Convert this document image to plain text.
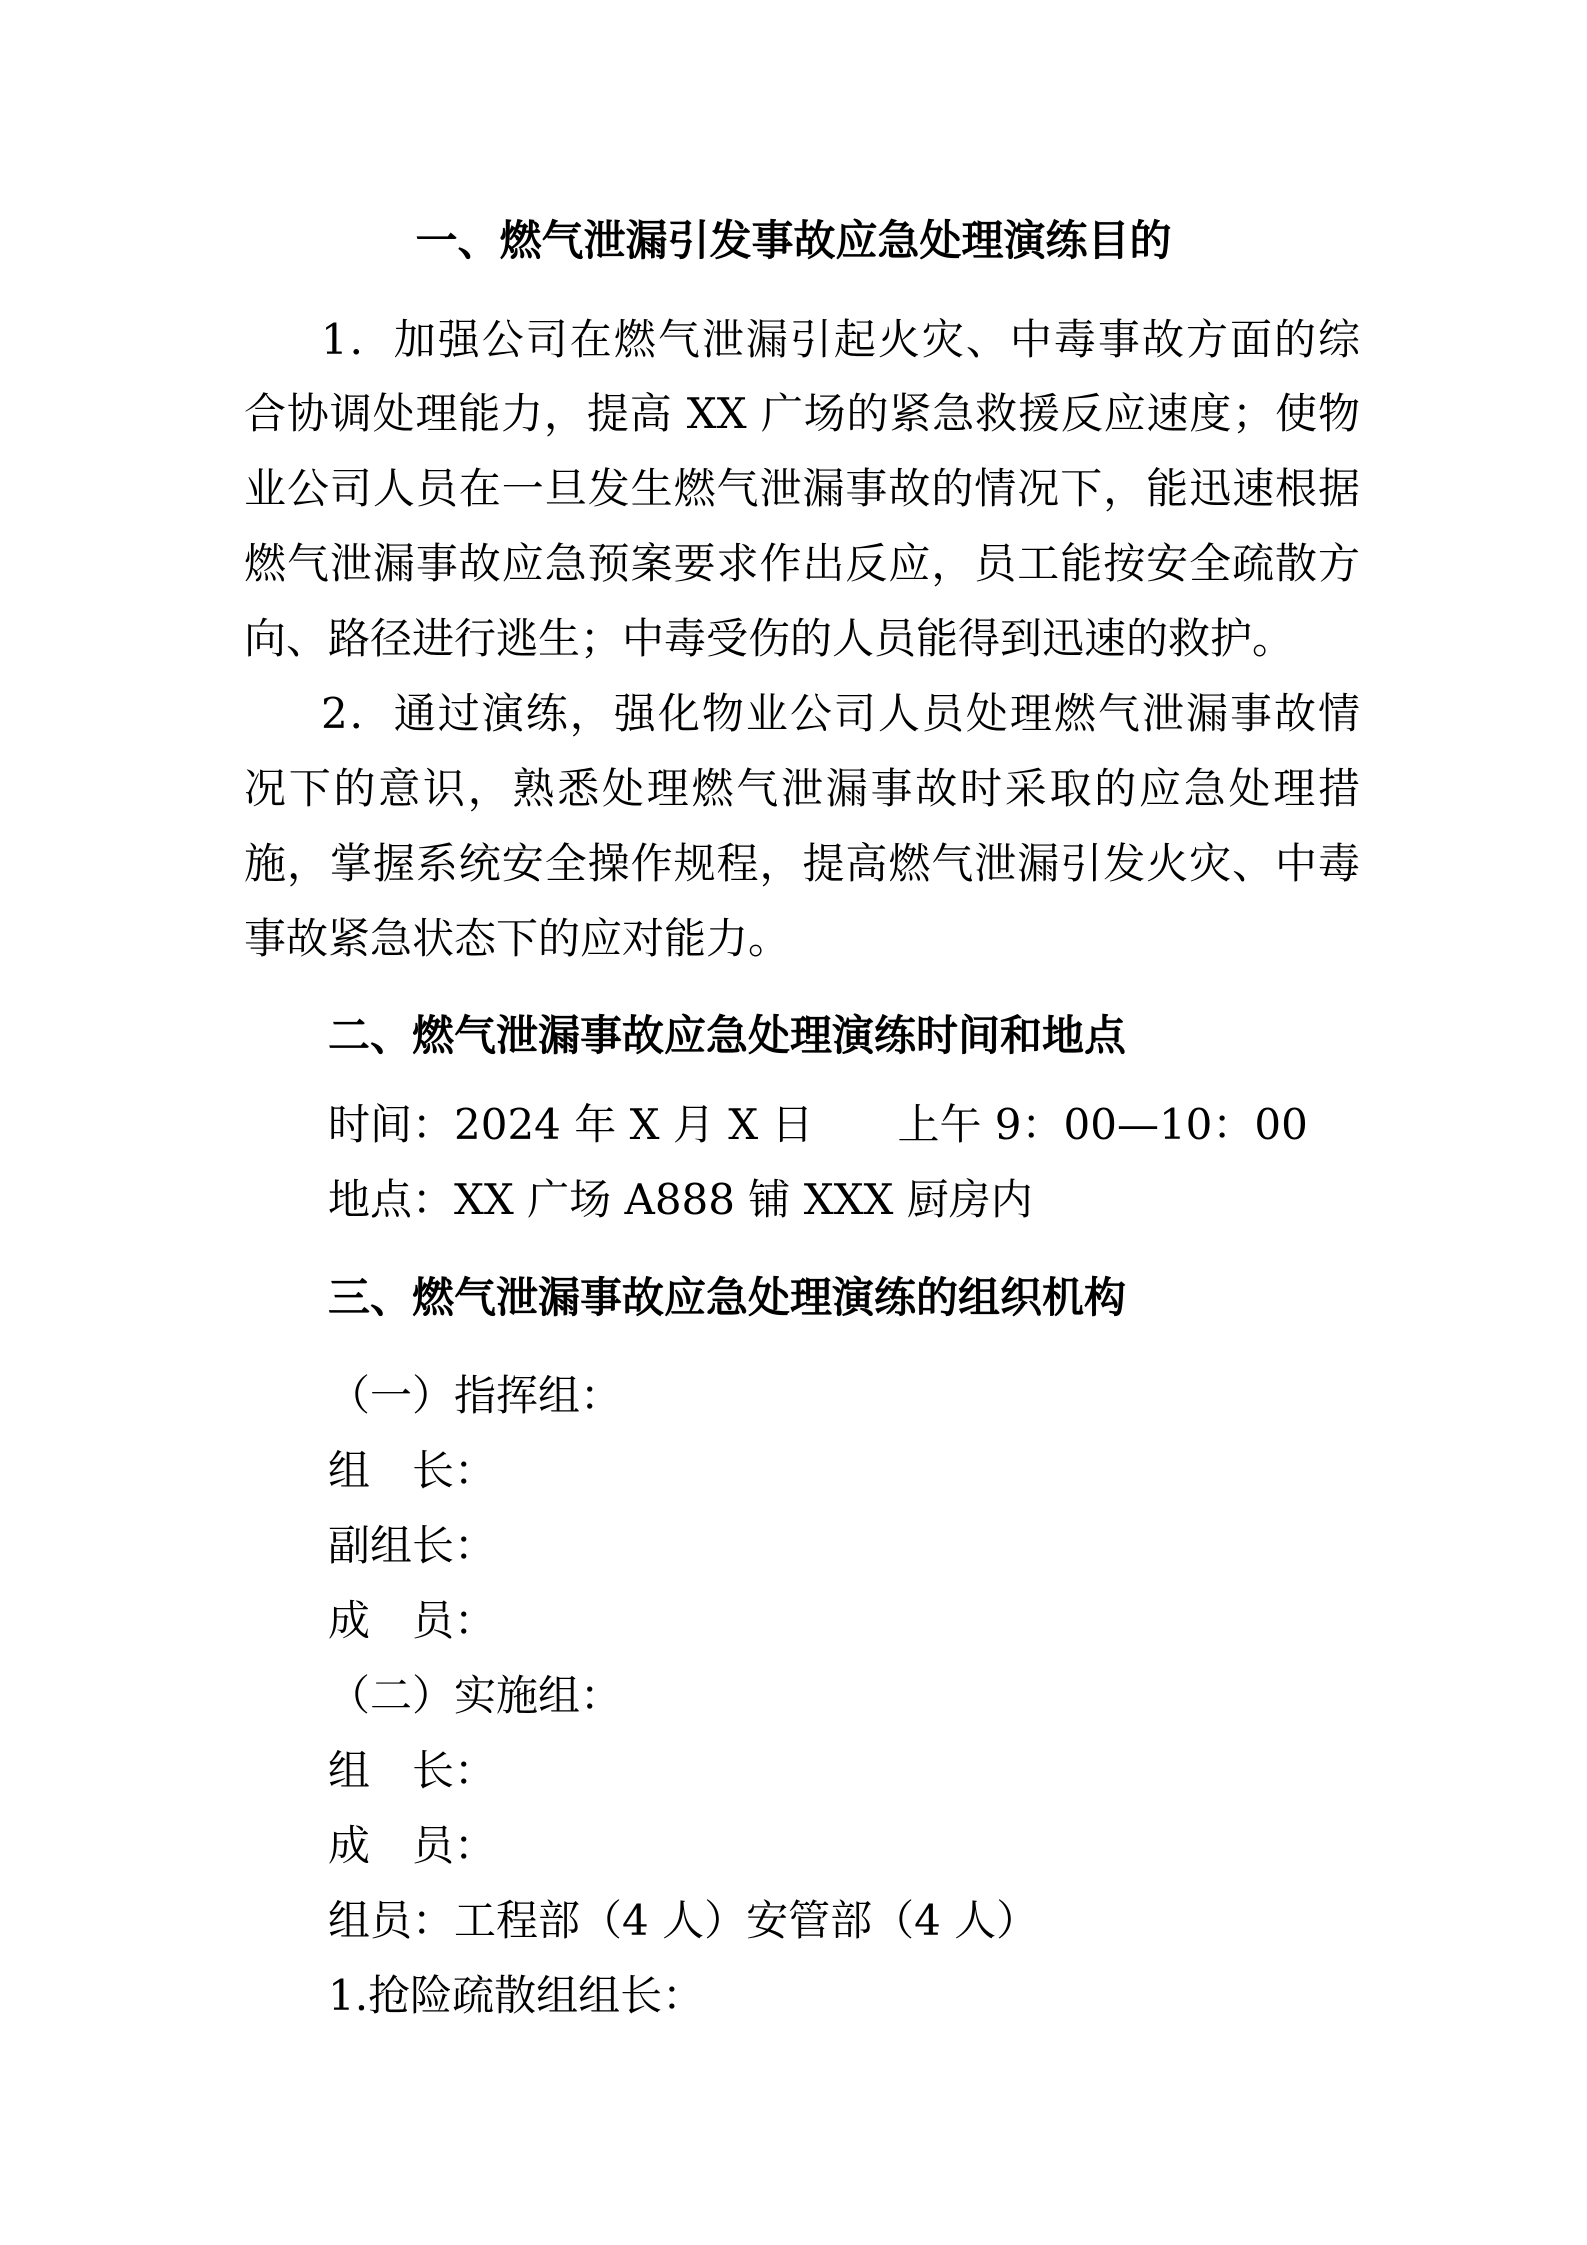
一、燃气泄漏引发事故应急处理演练目的
1．加强公司在燃气泄漏引起火灾、中毒事故方面的综
合协调处理能力，提高 XX 广场的紧急救援反应速度；使物
业公司人员在一旦发生燃气泄漏事故的情况下，能迅速根据
燃气泄漏事故应急预案要求作出反应，员工能按安全疏散方
向、路径进行逃生；中毒受伤的人员能得到迅速的救护。
2．通过演练，强化物业公司人员处理燃气泄漏事故情
况下的意识，熟悉处理燃气泄漏事故时采取的应急处理措
施，掌握系统安全操作规程，提高燃气泄漏引发火灾、中毒
事故紧急状态下的应对能力。
二、燃气泄漏事故应急处理演练时间和地点
时间：2024 年 X 月 X 日　　上午 9：00—10：00
地点：XX 广场 A888 铺 XXX 厨房内
三、燃气泄漏事故应急处理演练的组织机构
（一）指挥组：
组　长：
副组长：
成　员：
（二）实施组：
组　长：
成　员：
组员：工程部（4 人）安管部（4 人）
1.抢险疏散组组长：
